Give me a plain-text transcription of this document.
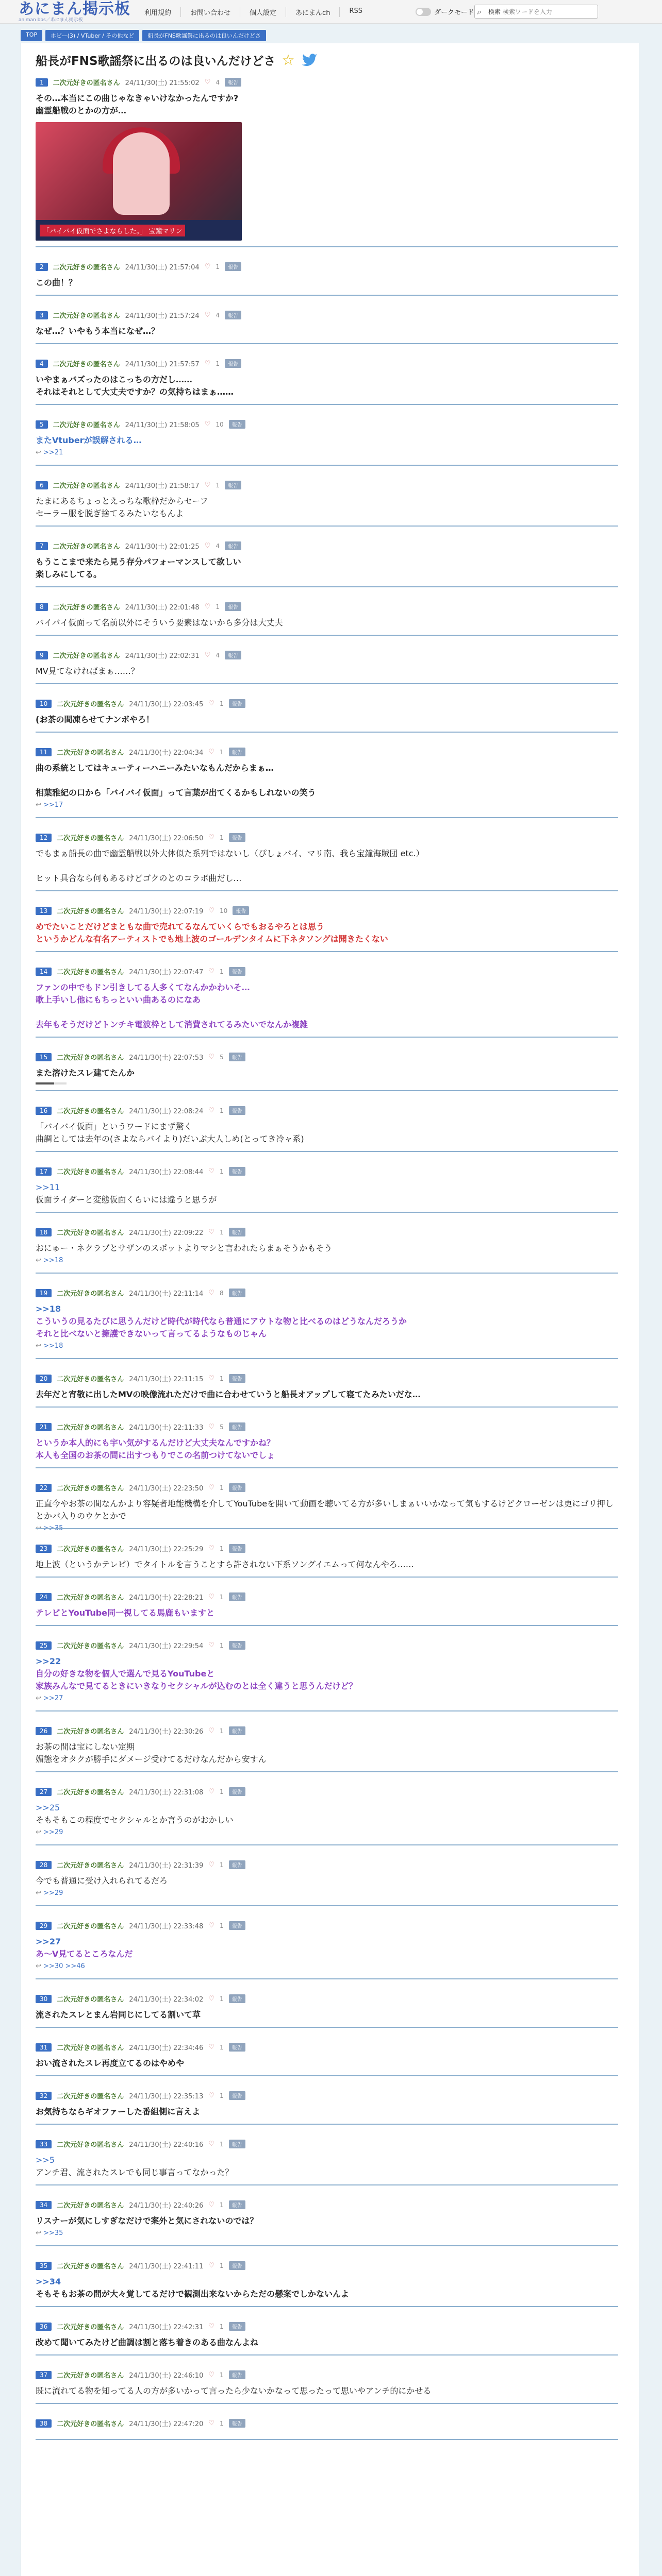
あにまん掲示板
animan bbs／あにまん掲示板
利用規約	お問い合わせ	個人設定	あにまんch	RSS	ダークモード ⌕	検索
検索ワードを入力
TOP	ホビー(3) / VTuber / その他など	船長がFNS歌謡祭に出るのは良いんだけどさ
船長がFNS歌謡祭に出るのは良いんだけどさ ☆
1	二次元好きの匿名さん 24/11/30(土) 21:55:02 ♡ 4	報告
その…本当にこの曲じゃなきゃいけなかったんですか?
幽霊船戦のとかの方が…
「バイバイ仮面でさよならした。」 宝鐘マリン
2	二次元好きの匿名さん 24/11/30(土) 21:57:04 ♡ 1	報告
この曲！？
3	二次元好きの匿名さん 24/11/30(土) 21:57:24 ♡ 4	報告
なぜ…？いやもう本当になぜ…？
4	二次元好きの匿名さん 24/11/30(土) 21:57:57 ♡ 1	報告
いやまぁバズったのはこっちの方だし……
それはそれとして大丈夫ですか？の気持ちはまぁ……
5	二次元好きの匿名さん 24/11/30(土) 21:58:05 ♡ 10	報告
またVtuberが誤解される…
↩ >>21
6	二次元好きの匿名さん 24/11/30(土) 21:58:17 ♡ 1	報告
たまにあるちょっとえっちな歌枠だからセーフ
セーラー服を脱ぎ捨てるみたいなもんよ
7	二次元好きの匿名さん 24/11/30(土) 22:01:25 ♡ 4	報告
もうここまで来たら見う存分パフォーマンスして欲しい
楽しみにしてる。
8	二次元好きの匿名さん 24/11/30(土) 22:01:48 ♡ 1	報告
バイバイ仮面って名前以外にそういう要素はないから多分は大丈夫
9	二次元好きの匿名さん 24/11/30(土) 22:02:31 ♡ 4	報告
MV見てなければまぁ……？
10	二次元好きの匿名さん 24/11/30(土) 22:03:45 ♡ 1	報告
(お茶の間凍らせてナンボやろ！
11	二次元好きの匿名さん 24/11/30(土) 22:04:34 ♡ 1	報告
曲の系統としてはキューティーハニーみたいなもんだからまぁ…
相葉雅紀の口から「バイバイ仮面」って言葉が出てくるかもしれないの笑う
↩ >>17
12	二次元好きの匿名さん 24/11/30(土) 22:06:50 ♡ 1	報告
でもまぁ船長の曲で幽霊船戦以外大体似た系列ではないし（ぴしょバイ、マリ南、我ら宝鐘海賊団 etc.）
ヒット具合なら何もあるけどゴクのとのコラボ曲だし…
13	二次元好きの匿名さん 24/11/30(土) 22:07:19 ♡ 10	報告
めでたいことだけどまともな曲で売れてるなんていくらでもおるやろとは思う
というかどんな有名アーティストでも地上波のゴールデンタイムに下ネタソングは聞きたくない
14	二次元好きの匿名さん 24/11/30(土) 22:07:47 ♡ 1	報告
ファンの中でもドン引きしてる人多くてなんかかわいそ…
歌上手いし他にもちっといい曲あるのになあ
去年もそうだけどトンチキ電波枠として消費されてるみたいでなんか複雑
15	二次元好きの匿名さん 24/11/30(土) 22:07:53 ♡ 5	報告
また溶けたスレ建てたんか
16	二次元好きの匿名さん 24/11/30(土) 22:08:24 ♡ 1	報告
「バイバイ仮面」というワードにまず驚く
曲調としては去年の(さよならバイより)だいぶ大人しめ(とってき冷ャ系)
17	二次元好きの匿名さん 24/11/30(土) 22:08:44 ♡ 1	報告
>>11
仮面ライダーと変態仮面くらいには違うと思うが
18	二次元好きの匿名さん 24/11/30(土) 22:09:22 ♡ 1	報告
おにゅー・ネクラブとサザンのスポットよりマシと言われたらまぁそうかもそう
↩ >>18
19	二次元好きの匿名さん 24/11/30(土) 22:11:14 ♡ 8	報告
>>18
こういうの見るたびに思うんだけど時代が時代なら普通にアウトな物と比べるのはどうなんだろうか
それと比べないと擁護できないって言ってるようなものじゃん
↩ >>18
20	二次元好きの匿名さん 24/11/30(土) 22:11:15 ♡ 1	報告
去年だと宵敬に出したMVの映像流れただけで曲に合わせていうと船長オアップして寝てたみたいだな…
21	二次元好きの匿名さん 24/11/30(土) 22:11:33 ♡ 5	報告
というか本人的にも宇い気がするんだけど大丈夫なんですかね？
本人も全国のお茶の間に出すつもりでこの名前つけてないでしょ
22	二次元好きの匿名さん 24/11/30(土) 22:23:50 ♡ 1	報告
正直今やお茶の間なんかより容疑者地能機構を介してYouTubeを開いて動画を聴いてる方が多いしまぁいいかなって気もするけどクローゼンは更にゴリ押しとかパ入りのウケとかで
↩ >>35
23	二次元好きの匿名さん 24/11/30(土) 22:25:29 ♡ 1	報告
地上波（というかテレビ）でタイトルを言うことすら許されない下系ソングイエムって何なんやろ……
24	二次元好きの匿名さん 24/11/30(土) 22:28:21 ♡ 1	報告
テレビとYouTube同一視してる馬鹿もいますと
25	二次元好きの匿名さん 24/11/30(土) 22:29:54 ♡ 1	報告
>>22
自分の好きな物を個人で選んで見るYouTubeと
家族みんなで見てるときにいきなりセクシャルが込むのとは全く違うと思うんだけど？
↩ >>27
26	二次元好きの匿名さん 24/11/30(土) 22:30:26 ♡ 1	報告
お茶の間は宝にしない定期
媚態をオタクが勝手にダメージ受けてるだけなんだから安すん
27	二次元好きの匿名さん 24/11/30(土) 22:31:08 ♡ 1	報告
>>25
そもそもこの程度でセクシャルとか言うのがおかしい
↩ >>29
28	二次元好きの匿名さん 24/11/30(土) 22:31:39 ♡ 1	報告
今でも普通に受け入れられてるだろ
↩ >>29
29	二次元好きの匿名さん 24/11/30(土) 22:33:48 ♡ 1	報告
>>27
あ〜V見てるところなんだ
↩ >>30 >>46
30	二次元好きの匿名さん 24/11/30(土) 22:34:02 ♡ 1	報告
流されたスレとまん岩同じにしてる割いて草
31	二次元好きの匿名さん 24/11/30(土) 22:34:46 ♡ 1	報告
おい流されたスレ再度立てるのはやめや
32	二次元好きの匿名さん 24/11/30(土) 22:35:13 ♡ 1	報告
お気持ちならギオファーした番組側に言えよ
33	二次元好きの匿名さん 24/11/30(土) 22:40:16 ♡ 1	報告
>>5
アンチ君、流されたスレでも同じ事言ってなかった？
34	二次元好きの匿名さん 24/11/30(土) 22:40:26 ♡ 1	報告
リスナーが気にしすぎなだけで案外と気にされないのでは？
↩ >>35
35	二次元好きの匿名さん 24/11/30(土) 22:41:11 ♡ 1	報告
>>34
そもそもお茶の間が大々覚してるだけで観測出来ないからただの懸案でしかないんよ
36	二次元好きの匿名さん 24/11/30(土) 22:42:31 ♡ 1	報告
改めて聞いてみたけど曲調は割と落ち着きのある曲なんよね
37	二次元好きの匿名さん 24/11/30(土) 22:46:10 ♡ 1	報告
既に流れてる物を知ってる人の方が多いかって言ったら少ないかなって思ったって思いやアンチ的にかせる
38	二次元好きの匿名さん 24/11/30(土) 22:47:20 ♡ 1	報告
